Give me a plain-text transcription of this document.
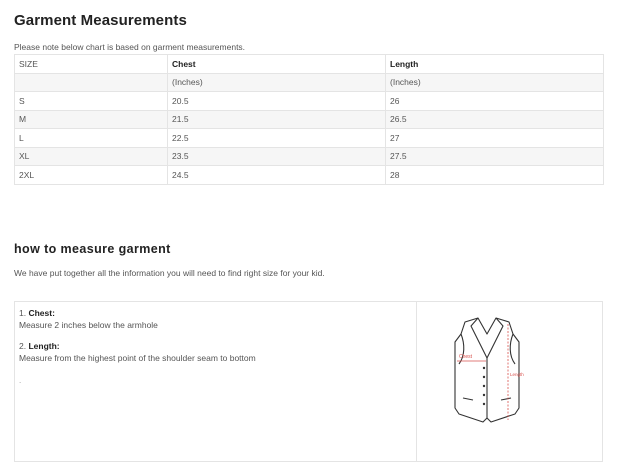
Garment Measurements
Please note below chart is based on garment measurements.
SIZE	Chest	Length
	(Inches)	(Inches)
S	20.5	26
M	21.5	26.5
L	22.5	27
XL	23.5	27.5
2XL	24.5	28
how to measure garment
We have put together all the information you will need to find right size for your kid.
1. Chest:
Measure 2 inches below the armhole
2. Length:
Measure from the highest point of the shoulder seam to bottom
.
Chest
Length
